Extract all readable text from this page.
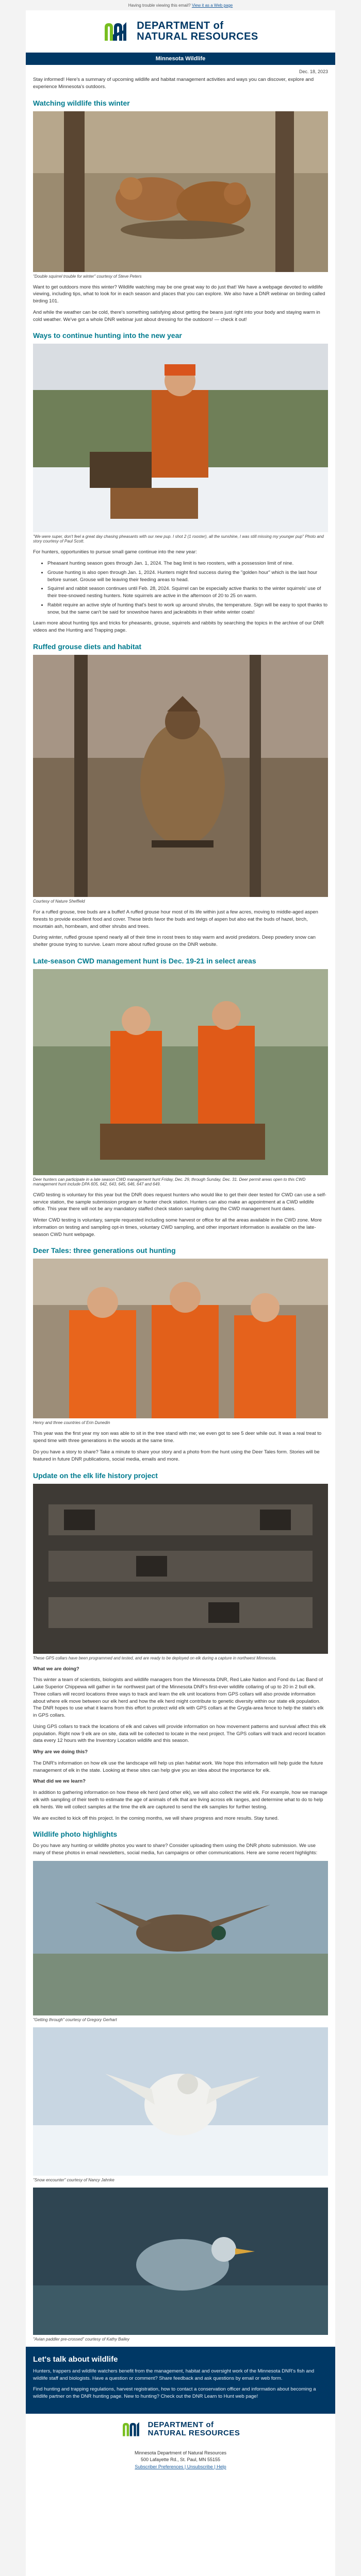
Having trouble viewing this email? View it as a Web page
DEPARTMENT of
NATURAL RESOURCES
Minnesota Wildlife
Dec. 18, 2023

Stay informed! Here's a summary of upcoming wildlife and habitat management activities and ways you can discover, explore and experience Minnesota's outdoors.

Watching wildlife this winter
"Double squirrel trouble for winter" courtesy of Steve Peters

Want to get outdoors more this winter? Wildlife watching may be one great way to do just that! We have a webpage devoted to wildlife viewing, including tips, what to look for in each season and places that you can explore. We also have a DNR webinar on birding called birding 101.

And while the weather can be cold, there's something satisfying about getting the beans just right into your body and staying warm in cold weather. We've got a whole DNR webinar just about dressing for the outdoors! — check it out!

Ways to continue hunting into the new year
"We were super, don't feel a great day chasing pheasants with our new pup. I shot 2 (1 rooster), all the sunshine, I was still missing my younger pup" Photo and story courtesy of Paul Scott.

For hunters, opportunities to pursue small game continue into the new year:

• Pheasant hunting season goes through Jan. 1, 2024. The bag limit is two roosters, with a possession limit of nine.
• Grouse hunting is also open through Jan. 1, 2024. Hunters might find success during the "golden hour" which is the last hour before sunset. Grouse will be leaving their feeding areas to head.
• Squirrel and rabbit season continues until Feb. 28, 2024. Squirrel can be especially active thanks to the winter squirrels' use of their tree-snowed nesting hunters. Note squirrels are active in the afternoon of 20 to 25 on warm.
• Rabbit require an active style of hunting that's best to work up around shrubs, the temperature. Sign will be easy to spot thanks to snow, but the same can't be said for snowshoe hares and jackrabbits in their white winter coats!

Learn more about hunting tips and tricks for pheasants, grouse, squirrels and rabbits by searching the topics in the archive of our DNR videos and the Hunting and Trapping page.

Ruffed grouse diets and habitat
Courtesy of Nature Sheffield

For a ruffed grouse, tree buds are a buffet! A ruffed grouse hour most of its life within just a few acres, moving to middle-aged aspen forests to provide excellent food and cover. These birds favor the buds and twigs of aspen but also eat the buds of hazel, birch, mountain ash, hornbeam, and other shrubs and trees.

During winter, ruffed grouse spend nearly all of their time in roost trees to stay warm and avoid predators. Deep powdery snow can shelter grouse trying to survive. Learn more about ruffed grouse on the DNR website.

Late-season CWD management hunt is Dec. 19-21 in select areas
Deer hunters can participate in a late season CWD management hunt Friday, Dec. 29, through Sunday, Dec. 31. Deer permit areas open to this CWD management hunt include DPA 605, 642, 643, 645, 646, 647 and 649.

CWD testing is voluntary for this year but the DNR does request hunters who would like to get their deer tested for CWD can use a self-service station, the sample submission program or hunter check station. Hunters can also make an appointment at a CWD wildlife office. This year there will not be any mandatory staffed check station sampling during the CWD management hunt dates.

Winter CWD testing is voluntary, sample requested including some harvest or office for all the areas available in the CWD zone. More information on testing and sampling opt-in times, voluntary CWD sampling, and other important information is available on the late-season CWD hunt webpage.

Deer Tales: three generations out hunting
Henry and three countries of Erin Dunedin

This year was the first year my son was able to sit in the tree stand with me; we even got to see 5 deer while out. It was a real treat to spend time with three generations in the woods at the same time.

Do you have a story to share? Take a minute to share your story and a photo from the hunt using the Deer Tales form. Stories will be featured in future DNR publications, social media, emails and more.

Update on the elk life history project
These GPS collars have been programmed and tested, and are ready to be deployed on elk during a capture in northwest Minnesota.

What we are doing?

This winter a team of scientists, biologists and wildlife managers from the Minnesota DNR, Red Lake Nation and Fond du Lac Band of Lake Superior Chippewa will gather in far northwest part of the Minnesota DNR's first-ever wildlife collaring of up to 20 in 2 bull elk. Three collars will record locations three ways to track and learn the elk unit locations from GPS collars will also provide information about where elk move between our elk herd and how the elk herd might contribute to genetic diversity within our state elk population. The DNR hopes to use what it learns from this effort to protect wild elk with GPS collars at the Grygla-area fence to help the state's elk in GPS collars.

Using GPS collars to track the locations of elk and calves will provide information on how movement patterns and survival affect this elk population. Right now 9 elk are on site, data will be collected to locate in the next project. The GPS collars will track and record location data every 12 hours with the Inventory Location wildlife and this season.

Why are we doing this?

The DNR's information on how elk use the landscape will help us plan habitat work. We hope this information will help guide the future management of elk in the state. Looking at these sites can help give you an idea about the importance for elk.

What did we we learn?

In addition to gathering information on how these elk herd (and other elk), we will also collect the wild elk. For example, how we manage elk with sampling of their teeth to estimate the age of animals of elk that are living across elk ranges, and determine what to do to help elk herds. We will collect samples at the time the elk are captured to send the elk samples for further testing.

We are excited to kick off this project. In the coming months, we will share progress and more results. Stay tuned.

Wildlife photo highlights

Do you have any hunting or wildlife photos you want to share? Consider uploading them using the DNR photo submission. We use many of these photos in email newsletters, social media, fun campaigns or other communications. Here are some recent highlights:

"Getting through" courtesy of Gregory Gerhart
"Snow encounter" courtesy of Nancy Jahnke
"Avian paddler pre-crossed" courtesy of Kathy Bailey
Let's talk about wildlife

Hunters, trappers and wildlife watchers benefit from the management, habitat and oversight work of the Minnesota DNR's fish and wildlife staff and biologists. Have a question or comment? Share feedback and ask questions by email or web form.

Find hunting and trapping regulations, harvest registration, how to contact a conservation officer and information about becoming a wildlife partner on the DNR hunting page. New to hunting? Check out the DNR Learn to Hunt web page!

DEPARTMENT of
NATURAL RESOURCES
Minnesota Department of Natural Resources
500 Lafayette Rd., St. Paul, MN 55155
Subscriber Preferences | Unsubscribe | Help
